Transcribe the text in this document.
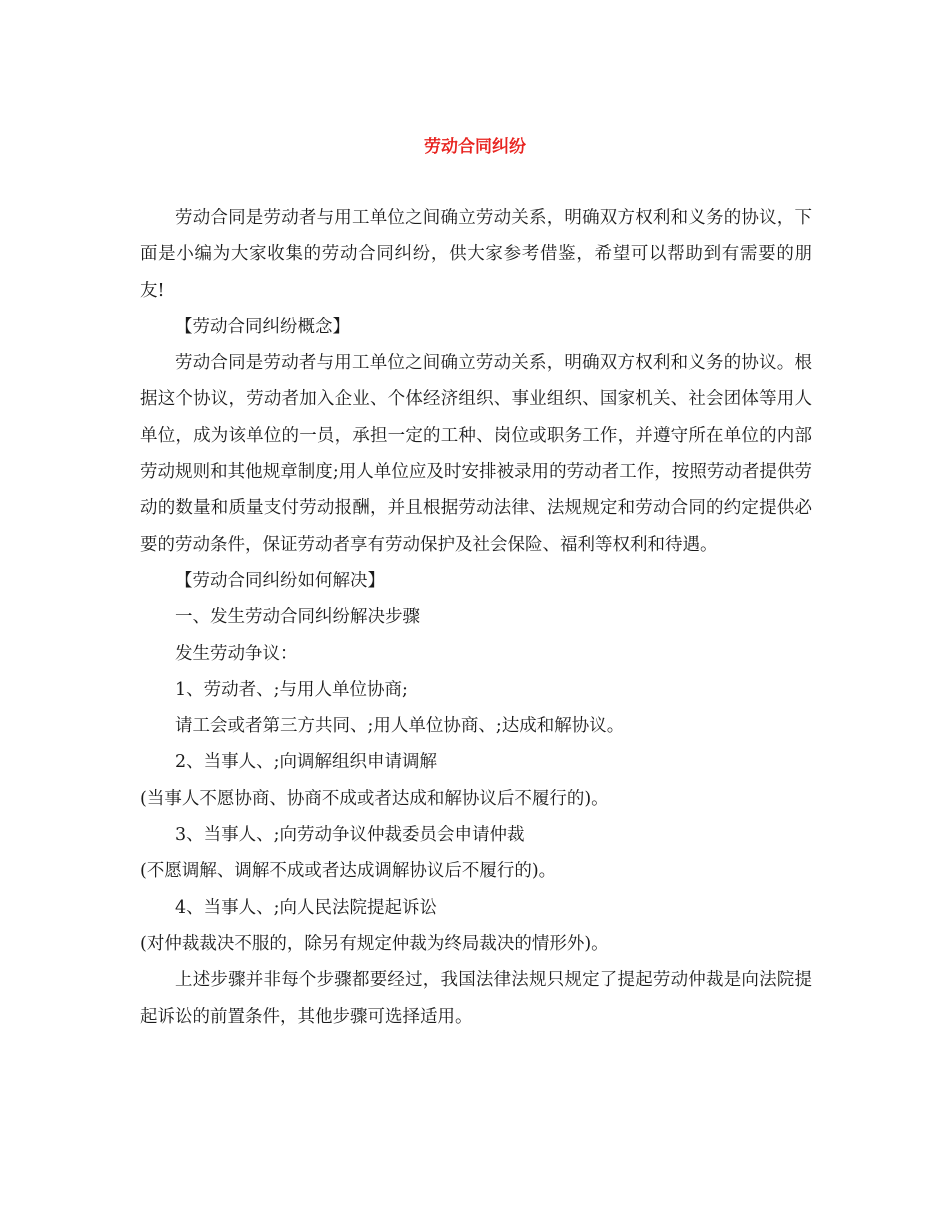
劳动合同纠纷

劳动合同是劳动者与用工单位之间确立劳动关系，明确双方权利和义务的协议，下面是小编为大家收集的劳动合同纠纷，供大家参考借鉴，希望可以帮助到有需要的朋友!

【劳动合同纠纷概念】

劳动合同是劳动者与用工单位之间确立劳动关系，明确双方权利和义务的协议。根据这个协议，劳动者加入企业、个体经济组织、事业组织、国家机关、社会团体等用人单位，成为该单位的一员，承担一定的工种、岗位或职务工作，并遵守所在单位的内部劳动规则和其他规章制度;用人单位应及时安排被录用的劳动者工作，按照劳动者提供劳动的数量和质量支付劳动报酬，并且根据劳动法律、法规规定和劳动合同的约定提供必要的劳动条件，保证劳动者享有劳动保护及社会保险、福利等权利和待遇。

【劳动合同纠纷如何解决】

一、发生劳动合同纠纷解决步骤

发生劳动争议：

1、劳动者、;与用人单位协商;

请工会或者第三方共同、;用人单位协商、;达成和解协议。

2、当事人、;向调解组织申请调解

(当事人不愿协商、协商不成或者达成和解协议后不履行的)。

3、当事人、;向劳动争议仲裁委员会申请仲裁

(不愿调解、调解不成或者达成调解协议后不履行的)。

4、当事人、;向人民法院提起诉讼

(对仲裁裁决不服的，除另有规定仲裁为终局裁决的情形外)。

上述步骤并非每个步骤都要经过，我国法律法规只规定了提起劳动仲裁是向法院提起诉讼的前置条件，其他步骤可选择适用。
